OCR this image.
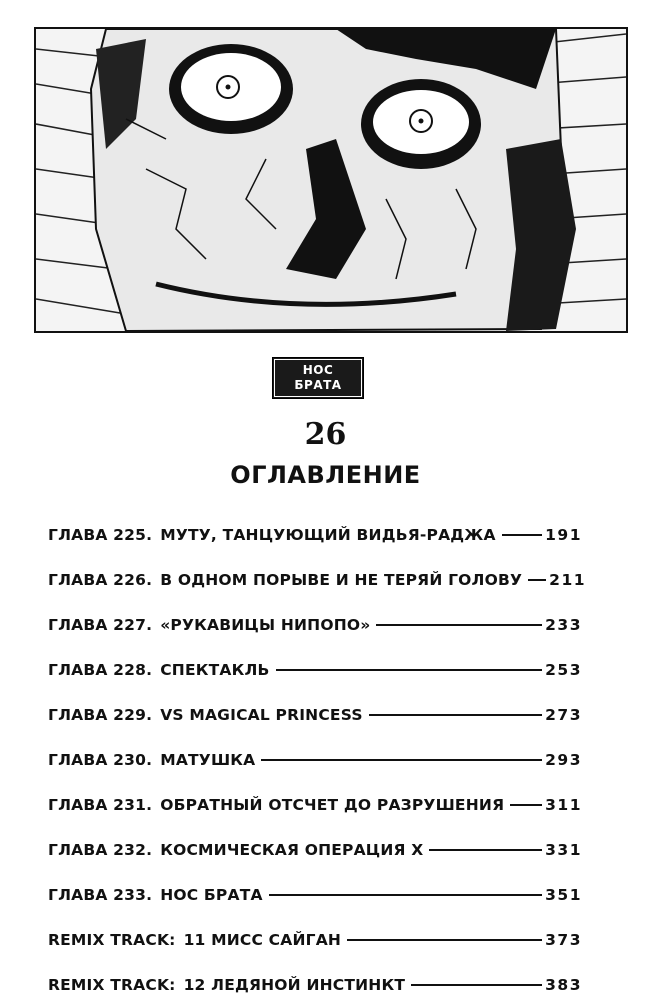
НОС
БРАТА
26
ОГЛАВЛЕНИЕ
ГЛАВА 225. МУТУ, ТАНЦУЮЩИЙ ВИДЬЯ-РАДЖА	191
ГЛАВА 226. В ОДНОМ ПОРЫВЕ И НЕ ТЕРЯЙ ГОЛОВУ 211
ГЛАВА 227. «РУКАВИЦЫ НИПОПО»	233
ГЛАВА 228. СПЕКТАКЛЬ	253
ГЛАВА 229. VS MAGICAL PRINCESS	273
ГЛАВА 230. МАТУШКА	293
ГЛАВА 231. ОБРАТНЫЙ ОТСЧЕТ ДО РАЗРУШЕНИЯ	311
ГЛАВА 232. КОСМИЧЕСКАЯ ОПЕРАЦИЯ X	331
ГЛАВА 233. НОС БРАТА	351
REMIX TRACK: 11 МИСС САЙГАН	373
REMIX TRACK: 12 ЛЕДЯНОЙ ИНСТИНКТ	383
